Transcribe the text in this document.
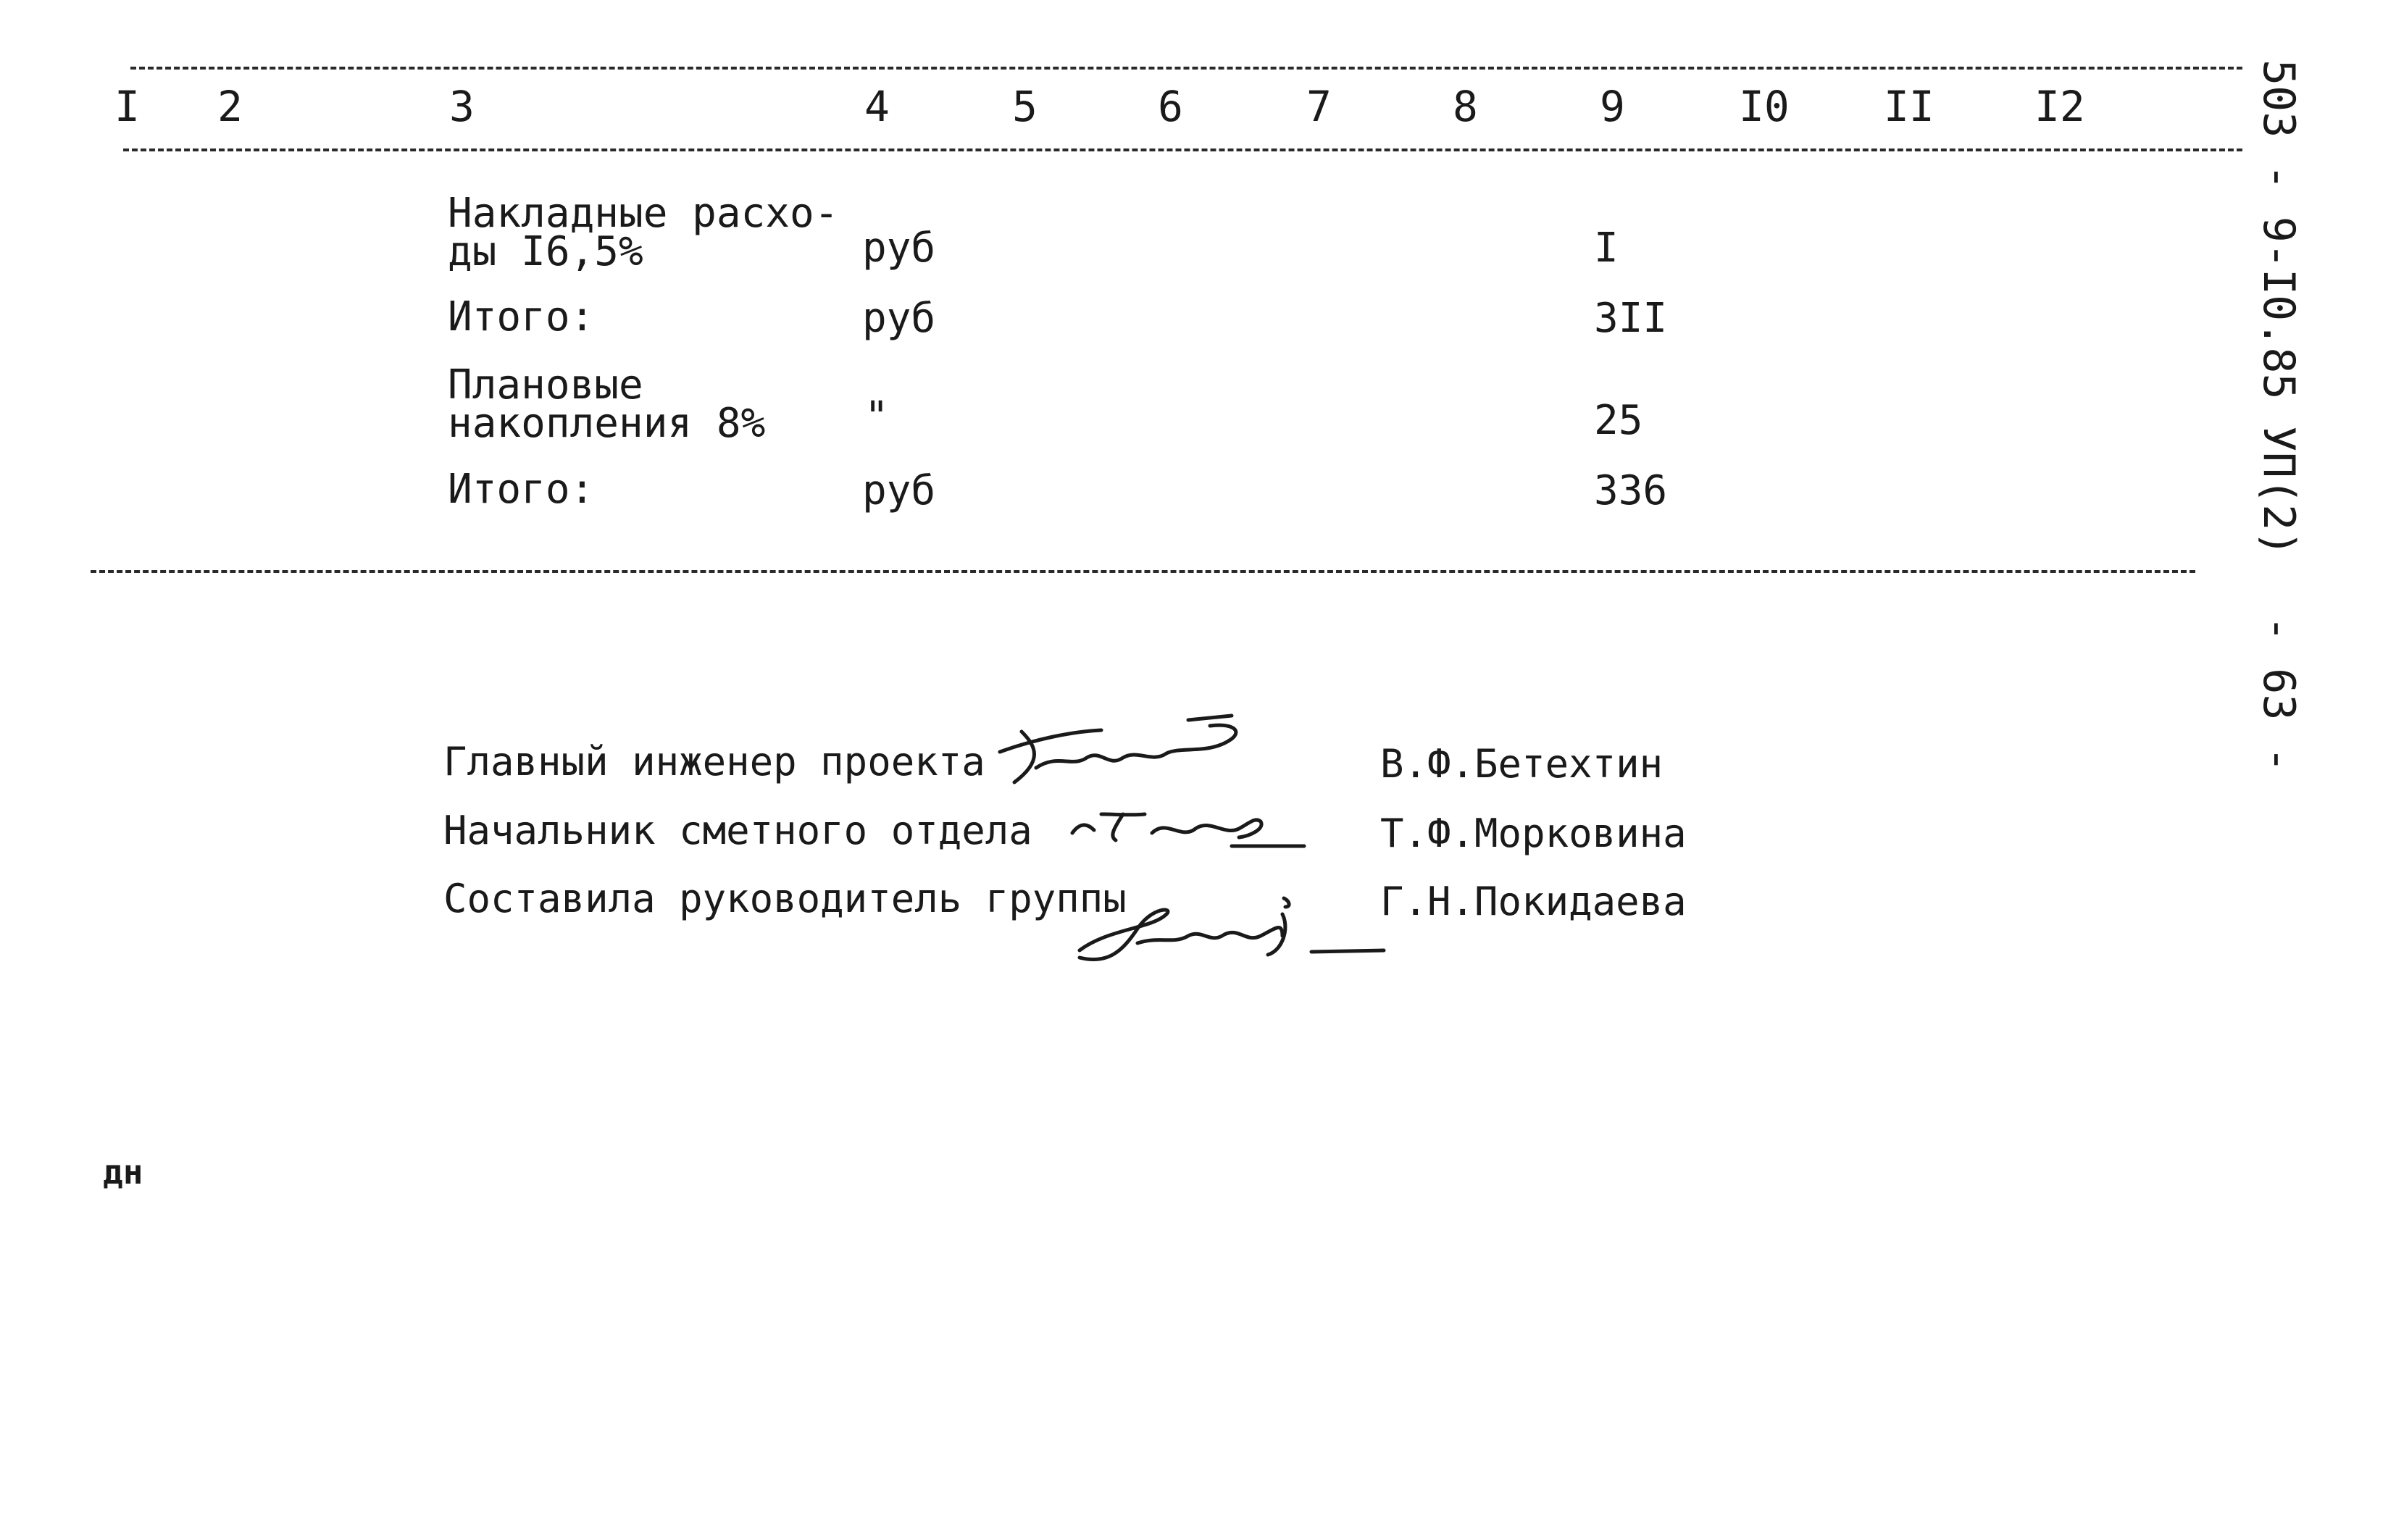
I 2	3	4	5	6	7	8	9	I0 II I2
Накладные расхо-
ды I6,5%	руб	I
Итого:	руб	3II
Плановые
накопления 8% "	25
Итого:	руб	336
Главный инженер проекта	В.Ф.Бетехтин
Начальник сметного отдела	Т.Ф.Морковина
Составила руководитель группы	Г.Н.Покидаева
503 - 9-I0.85 УП(2)
- 63 -
дн
